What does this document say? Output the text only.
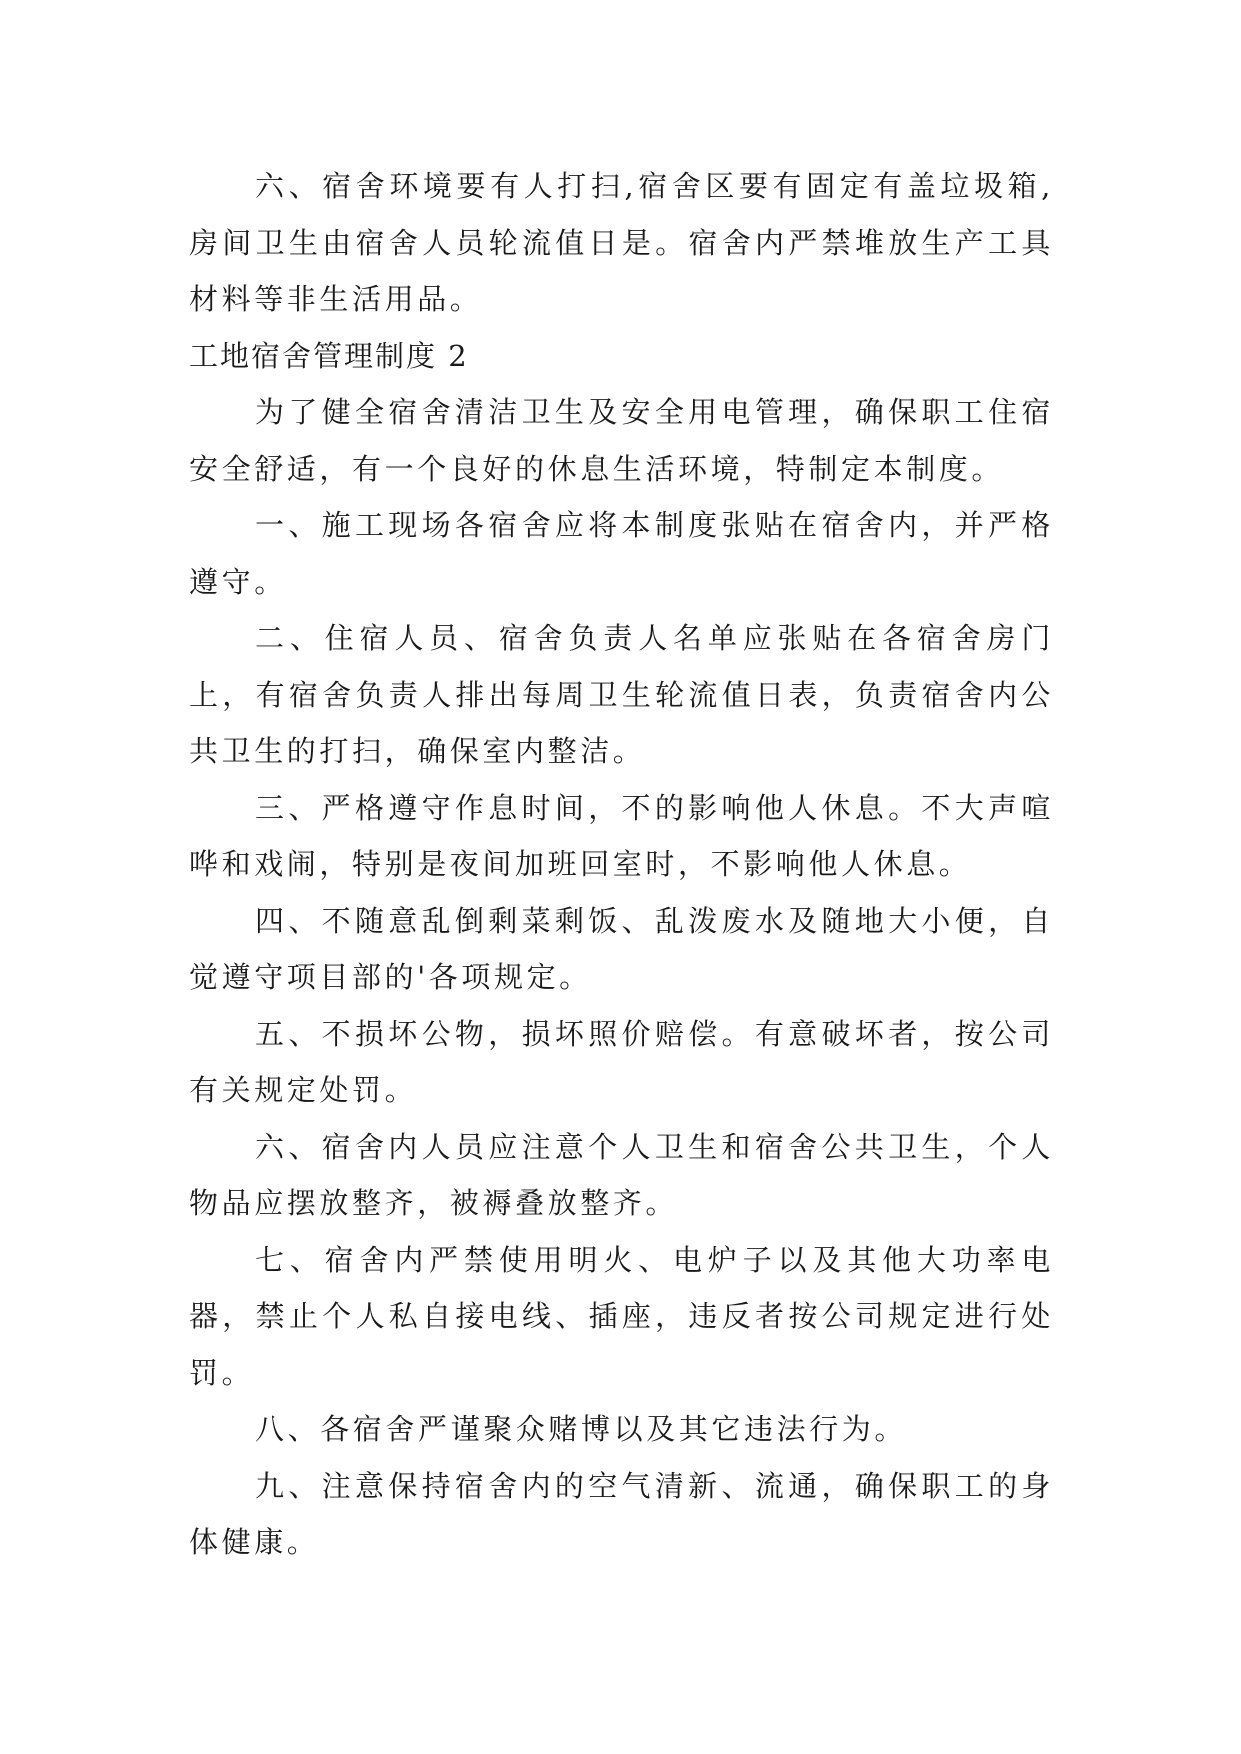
六、宿舍环境要有人打扫,宿舍区要有固定有盖垃圾箱,房间卫生由宿舍人员轮流值日是。宿舍内严禁堆放生产工具材料等非生活用品。

工地宿舍管理制度 2

为了健全宿舍清洁卫生及安全用电管理，确保职工住宿安全舒适，有一个良好的休息生活环境，特制定本制度。

一、施工现场各宿舍应将本制度张贴在宿舍内，并严格遵守。

二、住宿人员、宿舍负责人名单应张贴在各宿舍房门上，有宿舍负责人排出每周卫生轮流值日表，负责宿舍内公共卫生的打扫，确保室内整洁。

三、严格遵守作息时间，不的影响他人休息。不大声喧哗和戏闹，特别是夜间加班回室时，不影响他人休息。

四、不随意乱倒剩菜剩饭、乱泼废水及随地大小便，自觉遵守项目部的'各项规定。

五、不损坏公物，损坏照价赔偿。有意破坏者，按公司有关规定处罚。

六、宿舍内人员应注意个人卫生和宿舍公共卫生，个人物品应摆放整齐，被褥叠放整齐。

七、宿舍内严禁使用明火、电炉子以及其他大功率电器，禁止个人私自接电线、插座，违反者按公司规定进行处罚。

八、各宿舍严谨聚众赌博以及其它违法行为。

九、注意保持宿舍内的空气清新、流通，确保职工的身体健康。
